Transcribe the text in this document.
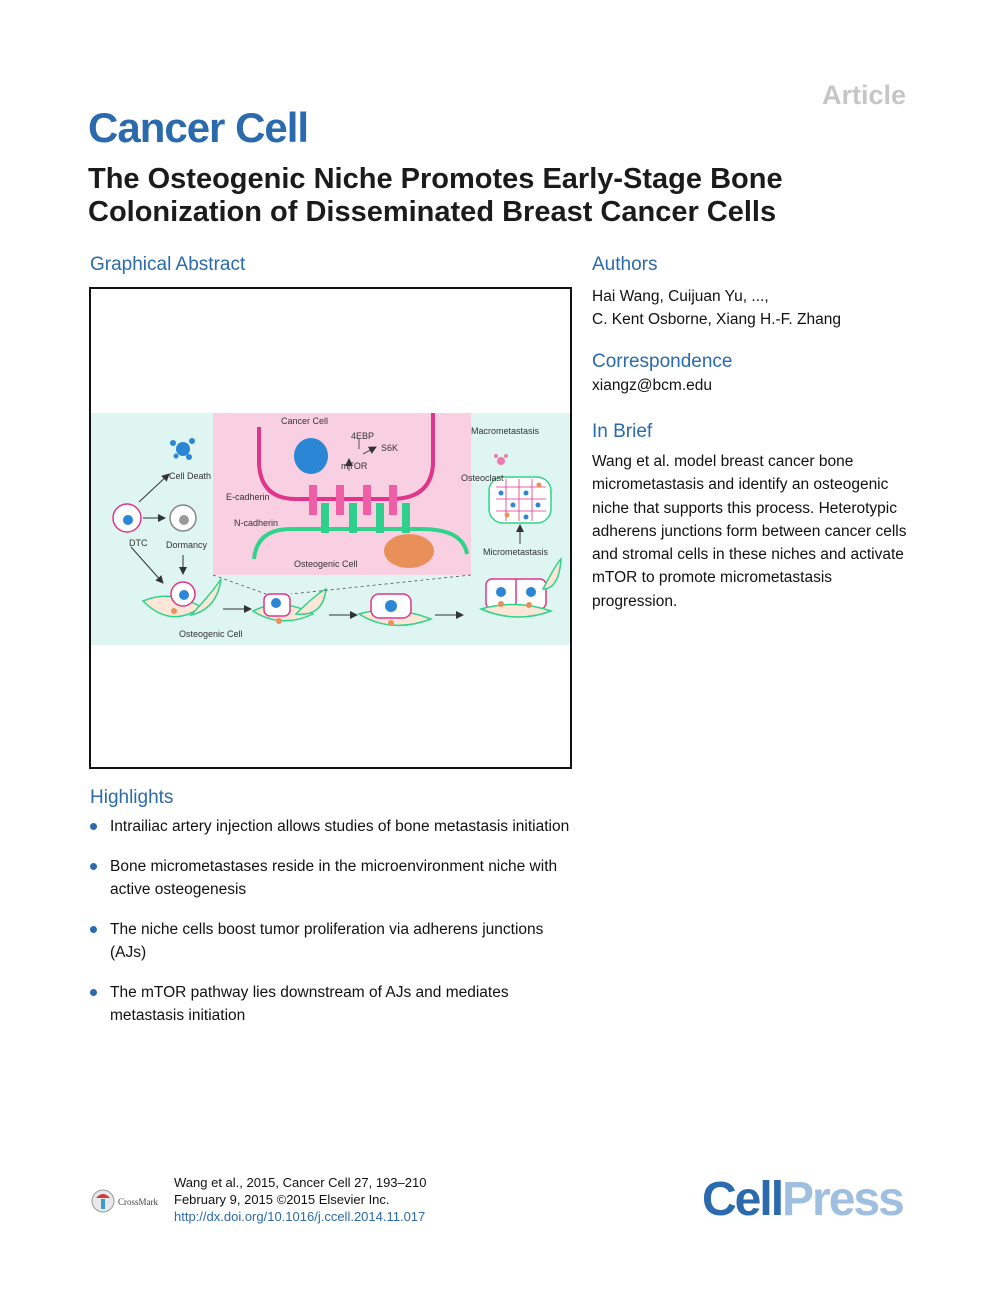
Article
Cancer Cell
The Osteogenic Niche Promotes Early-Stage Bone Colonization of Disseminated Breast Cancer Cells
Graphical Abstract
Cancer Cell
4EBP
S6K
mTOR
E-cadherin
N-cadherin
Osteogenic Cell
DTC
Cell Death
Dormancy
Osteogenic Cell
Micrometastasis
Macrometastasis
Osteoclast
Authors
Hai Wang, Cuijuan Yu, ...,
C. Kent Osborne, Xiang H.-F. Zhang
Correspondence
xiangz@bcm.edu
In Brief
Wang et al. model breast cancer bone micrometastasis and identify an osteogenic niche that supports this process. Heterotypic adherens junctions form between cancer cells and stromal cells in these niches and activate mTOR to promote micrometastasis progression.
Highlights
Intrailiac artery injection allows studies of bone metastasis initiation
Bone micrometastases reside in the microenvironment niche with active osteogenesis
The niche cells boost tumor proliferation via adherens junctions (AJs)
The mTOR pathway lies downstream of AJs and mediates metastasis initiation
CrossMark
Wang et al., 2015, Cancer Cell 27, 193–210
February 9, 2015 ©2015 Elsevier Inc.
http://dx.doi.org/10.1016/j.ccell.2014.11.017	CellPress
